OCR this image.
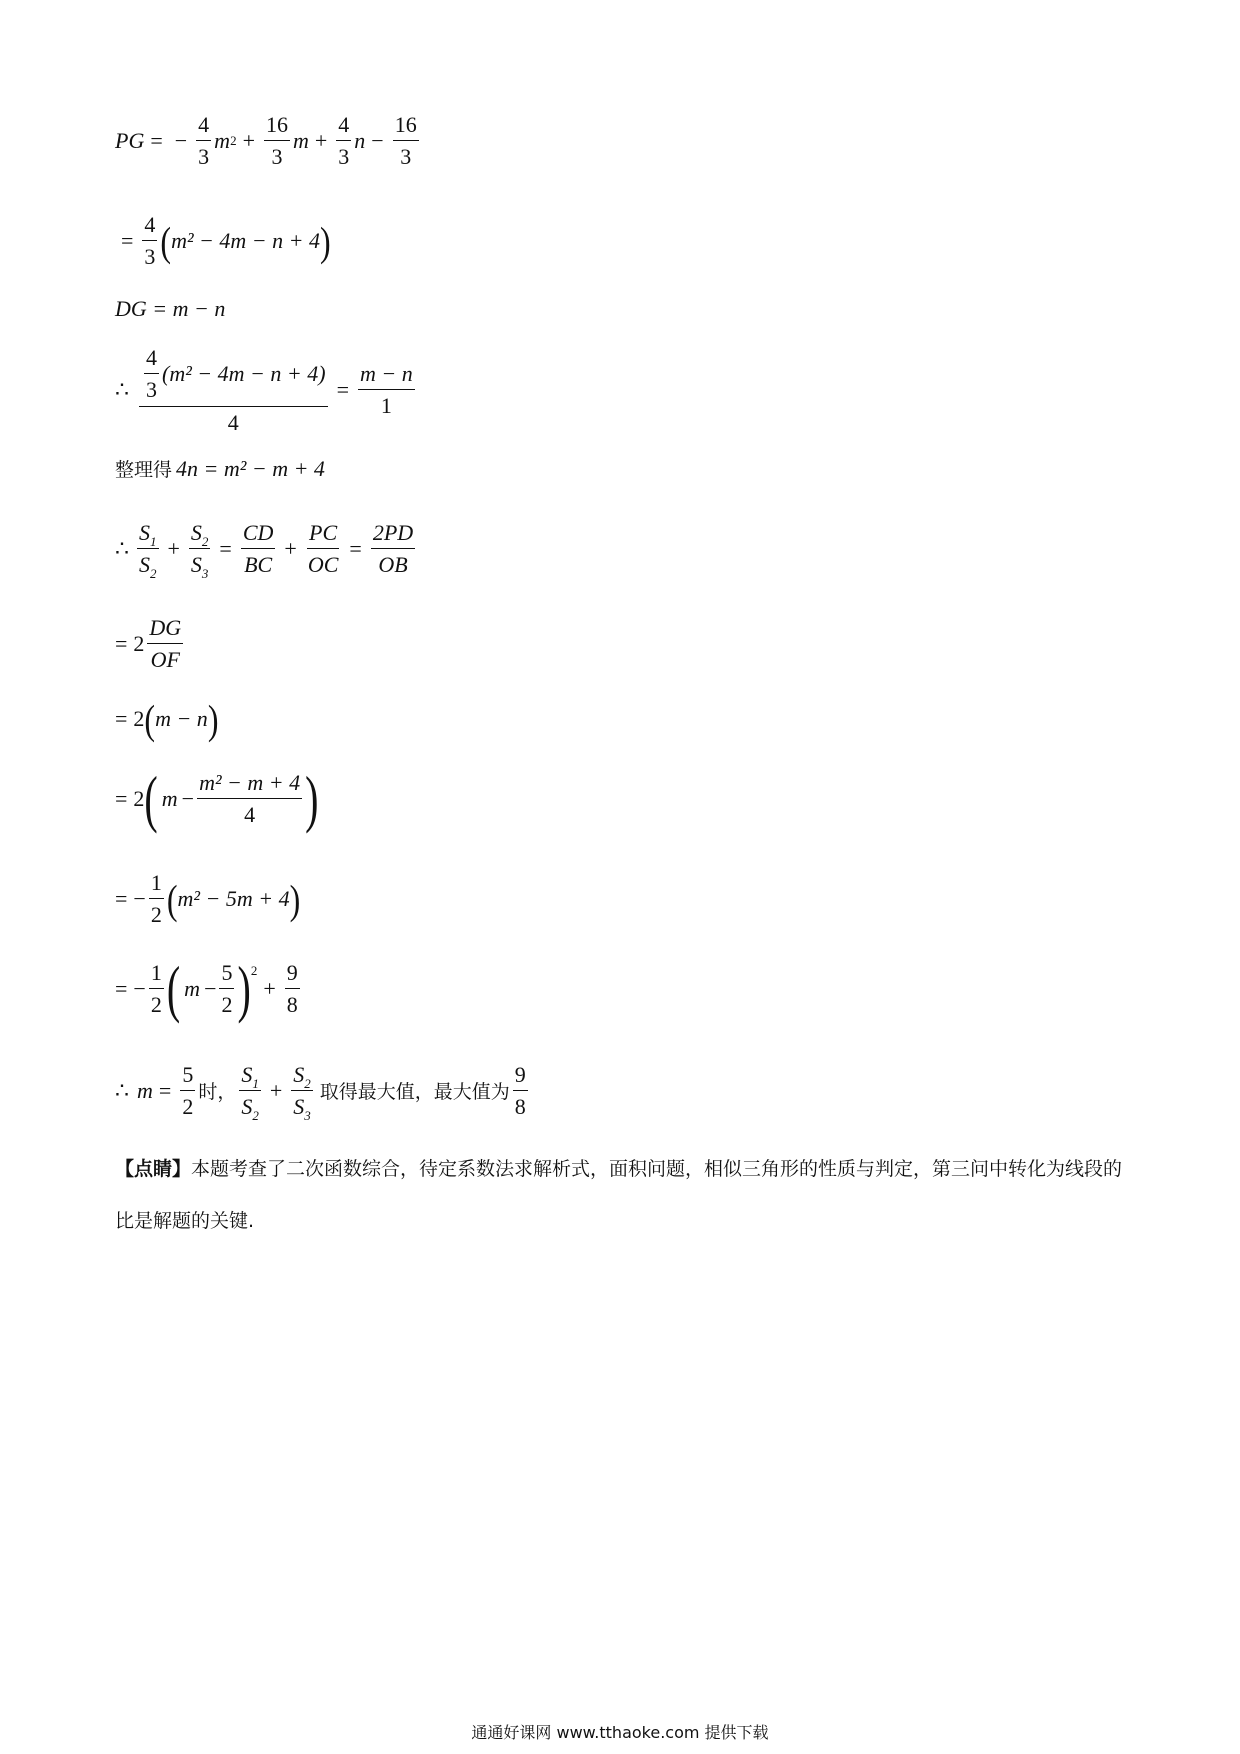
PG = − $\frac{4}{3}$ m $2 + \frac{16}{3}$ $m + \frac{4}{3}$ $n - \frac{16}{3}$
= $\frac{4}{3}$ ( m² − 4m − n + 4 )
DG = m − n
∴ $\frac{\frac{4}{3} (m^2 - 4m - n + 4)}{4} = \frac{m - n}{1}$
整理得 4n = m² − m + 4
∴ $\frac{S_1}{S_2} + \frac{S_2}{S_3} = \frac{CD}{BC} + \frac{PC}{OC} = \frac{2PD}{OB}$
= $2 \frac{DG}{OF}$
= 2 ( m − n )
= 2 ( $m - \frac{\text{m² − m + 4}}{4}$ )
= − $\frac{1}{2}$ ( m² − 5m + 4 )
= − $\frac{1}{2}$ ( $m - \frac{5}{2} )^2$
+ $\frac{9}{8}$
∴ $m = \frac{5}{2}$ 时， $\frac{S_1}{S_2} + \frac{S_2}{S_3}$ 取得最大值，最大值为 $\frac{9}{8}$
【点睛】本题考查了二次函数综合，待定系数法求解析式，面积问题，相似三角形的性质与判定，第三问中转化为线段的比是解题的关键.
通通好课网 www.tthaoke.com 提供下载
